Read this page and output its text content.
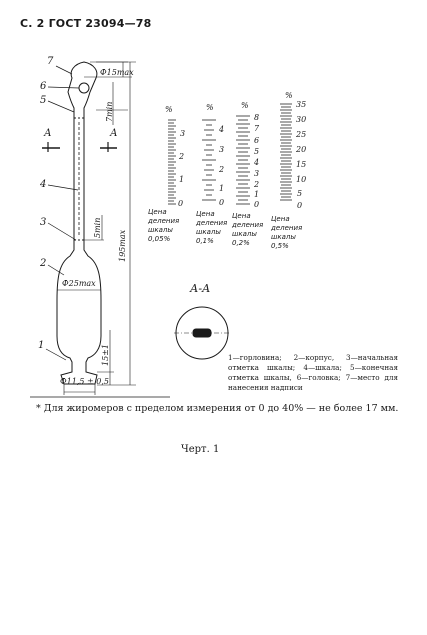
С. 2 ГОСТ 23094—78
7
6
5
4
3
2
1
А	А
Ф15max
7min
5min
195max
Ф25max
15±1
Ф11,5 ± 0,5
%
3
2
1
0
Цена
деления
шкалы
0,05%
%
4
3
2
1
0
Цена
деления
шкалы
0,1%
%
8
7
6
5
4
3
2
1
0
Цена
деления
шкалы
0,2%
%
35
30
25
20
15
10
5
0
Цена
деления
шкалы
0,5%
А-А
1—горловина; 2—корпус, 3—начальная отметка шкалы; 4—шкала; 5—конечная отметка шкалы, 6—головка; 7—место для нанесения надписи
* Для жиромеров с пределом измерения от 0 до 40% — не более 17 мм.
Черт. 1
